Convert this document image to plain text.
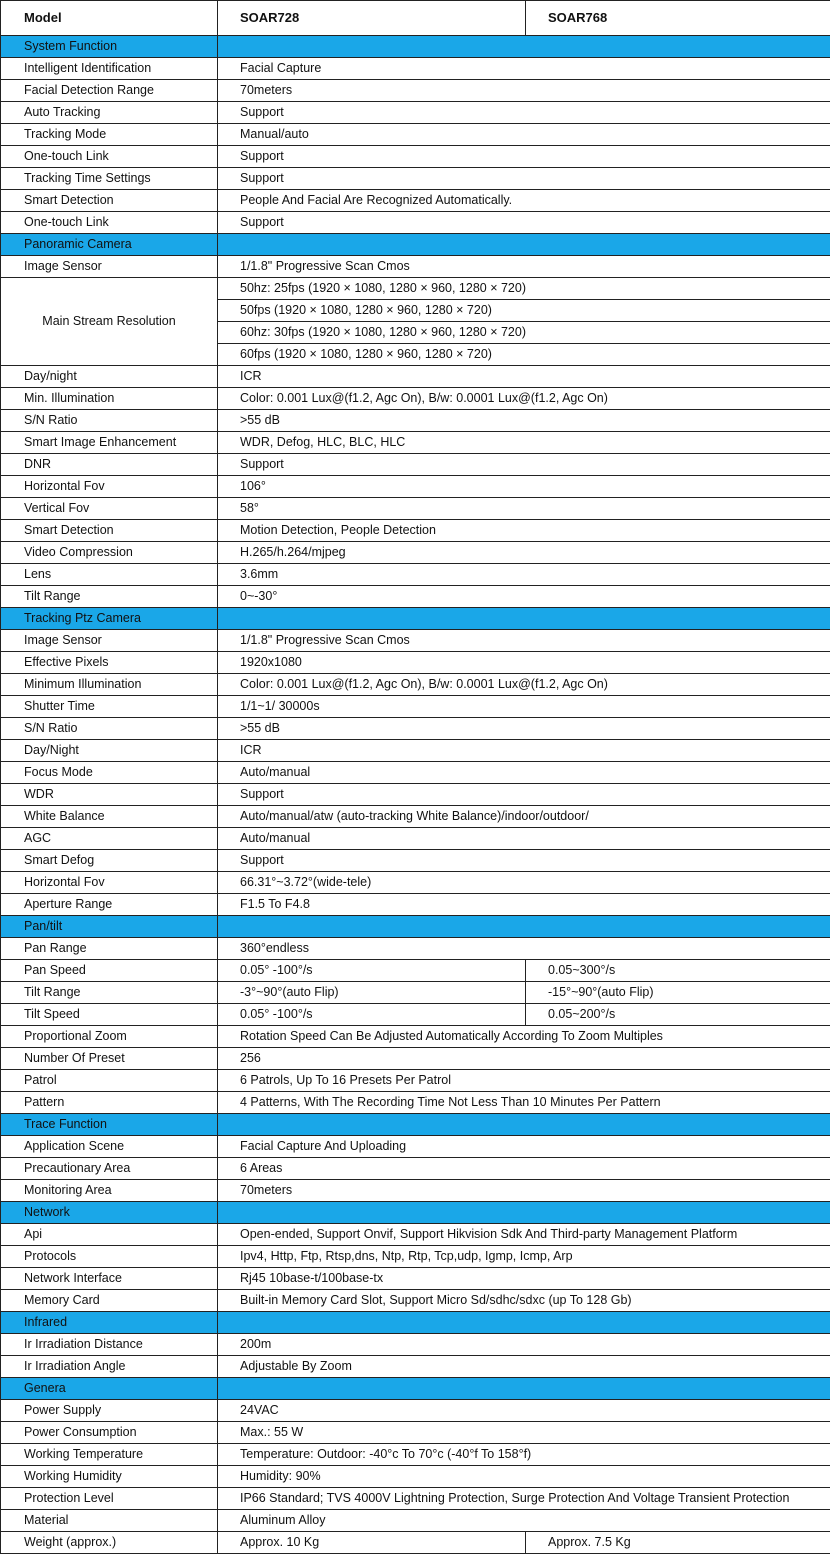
Model	SOAR728	SOAR768
System Function		
Intelligent Identification	Facial Capture	
Facial Detection Range	70meters	
Auto Tracking	Support	
Tracking Mode	Manual/auto	
One-touch Link	Support	
Tracking Time Settings	Support	
Smart Detection	People And Facial Are Recognized Automatically.	
One-touch Link	Support	
Panoramic Camera		
Image Sensor	1/1.8" Progressive Scan Cmos	
Main Stream Resolution	50hz: 25fps (1920 × 1080, 1280 × 960, 1280 × 720)	
	50fps (1920 × 1080, 1280 × 960, 1280 × 720)	
	60hz: 30fps (1920 × 1080, 1280 × 960, 1280 × 720)	
	60fps (1920 × 1080, 1280 × 960, 1280 × 720)	
Day/night	ICR	
Min. Illumination	Color: 0.001 Lux@(f1.2, Agc On), B/w: 0.0001 Lux@(f1.2, Agc On)	
S/N Ratio	>55 dB	
Smart Image Enhancement	WDR, Defog, HLC, BLC, HLC	
DNR	Support	
Horizontal Fov	106°	
Vertical Fov	58°	
Smart Detection	Motion Detection, People Detection	
Video Compression	H.265/h.264/mjpeg	
Lens	3.6mm	
Tilt Range	0~-30°	
Tracking Ptz Camera		
Image Sensor	1/1.8" Progressive Scan Cmos	
Effective Pixels	1920x1080	
Minimum Illumination	Color: 0.001 Lux@(f1.2, Agc On), B/w: 0.0001 Lux@(f1.2, Agc On)	
Shutter Time	1/1~1/ 30000s	
S/N Ratio	>55 dB	
Day/Night	ICR	
Focus Mode	Auto/manual	
WDR	Support	
White Balance	Auto/manual/atw (auto-tracking White Balance)/indoor/outdoor/	
AGC	Auto/manual	
Smart Defog	Support	
Horizontal Fov	66.31°~3.72°(wide-tele)	
Aperture Range	F1.5 To F4.8	
Pan/tilt		
Pan Range	360°endless	
Pan Speed	0.05° -100°/s	0.05~300°/s
Tilt Range	-3°~90°(auto Flip)	-15°~90°(auto Flip)
Tilt Speed	0.05° -100°/s	0.05~200°/s
Proportional Zoom	Rotation Speed Can Be Adjusted Automatically According To Zoom Multiples	
Number Of Preset	256	
Patrol	6 Patrols, Up To 16 Presets Per Patrol	
Pattern	4 Patterns, With The Recording Time Not Less Than 10 Minutes Per Pattern	
Trace Function		
Application Scene	Facial Capture And Uploading	
Precautionary Area	6 Areas	
Monitoring Area	70meters	
Network		
Api	Open-ended, Support Onvif, Support Hikvision Sdk And Third-party Management Platform	
Protocols	Ipv4, Http, Ftp, Rtsp,dns, Ntp, Rtp, Tcp,udp, Igmp, Icmp, Arp	
Network Interface	Rj45 10base-t/100base-tx	
Memory Card	Built-in Memory Card Slot, Support Micro Sd/sdhc/sdxc (up To 128 Gb)	
Infrared		
Ir Irradiation Distance	200m	
Ir Irradiation Angle	Adjustable By Zoom	
Genera		
Power Supply	24VAC	
Power Consumption	Max.: 55 W	
Working Temperature	Temperature: Outdoor: -40°c To 70°c (-40°f To 158°f)	
Working Humidity	Humidity: 90%	
Protection Level	IP66 Standard; TVS 4000V Lightning Protection, Surge Protection And Voltage Transient Protection	
Material	Aluminum Alloy	
Weight (approx.)	Approx. 10 Kg	Approx. 7.5 Kg
